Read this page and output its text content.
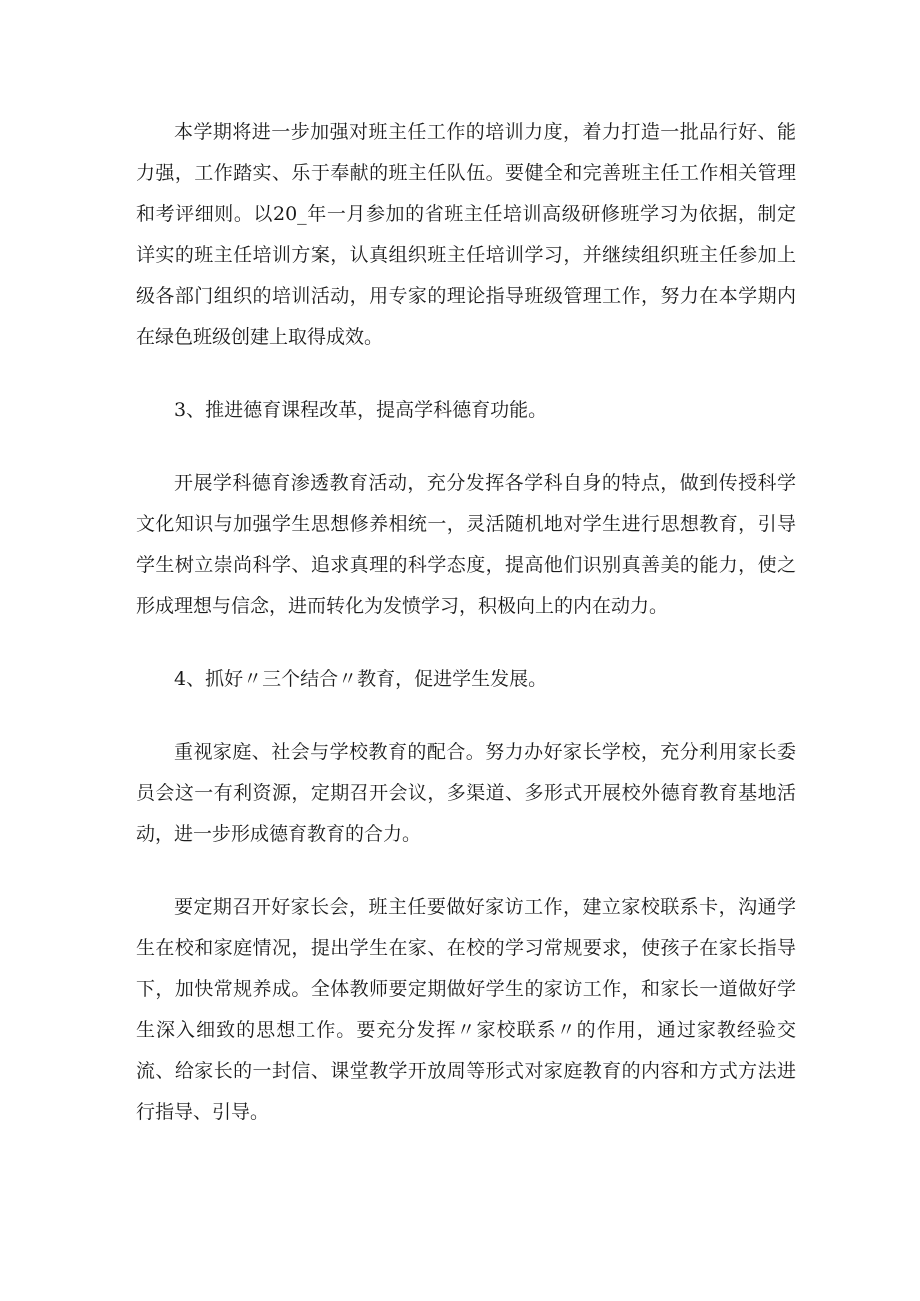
本学期将进一步加强对班主任工作的培训力度，着力打造一批品行好、能力强，工作踏实、乐于奉献的班主任队伍。要健全和完善班主任工作相关管理和考评细则。以20_年一月参加的省班主任培训高级研修班学习为依据，制定详实的班主任培训方案，认真组织班主任培训学习，并继续组织班主任参加上级各部门组织的培训活动，用专家的理论指导班级管理工作，努力在本学期内在绿色班级创建上取得成效。

3、推进德育课程改革，提高学科德育功能。

开展学科德育渗透教育活动，充分发挥各学科自身的特点，做到传授科学文化知识与加强学生思想修养相统一，灵活随机地对学生进行思想教育，引导学生树立崇尚科学、追求真理的科学态度，提高他们识别真善美的能力，使之形成理想与信念，进而转化为发愤学习，积极向上的内在动力。

4、抓好〃三个结合〃教育，促进学生发展。

重视家庭、社会与学校教育的配合。努力办好家长学校，充分利用家长委员会这一有利资源，定期召开会议，多渠道、多形式开展校外德育教育基地活动，进一步形成德育教育的合力。

要定期召开好家长会，班主任要做好家访工作，建立家校联系卡，沟通学生在校和家庭情况，提出学生在家、在校的学习常规要求，使孩子在家长指导下，加快常规养成。全体教师要定期做好学生的家访工作，和家长一道做好学生深入细致的思想工作。要充分发挥〃家校联系〃的作用，通过家教经验交流、给家长的一封信、课堂教学开放周等形式对家庭教育的内容和方式方法进行指导、引导。
